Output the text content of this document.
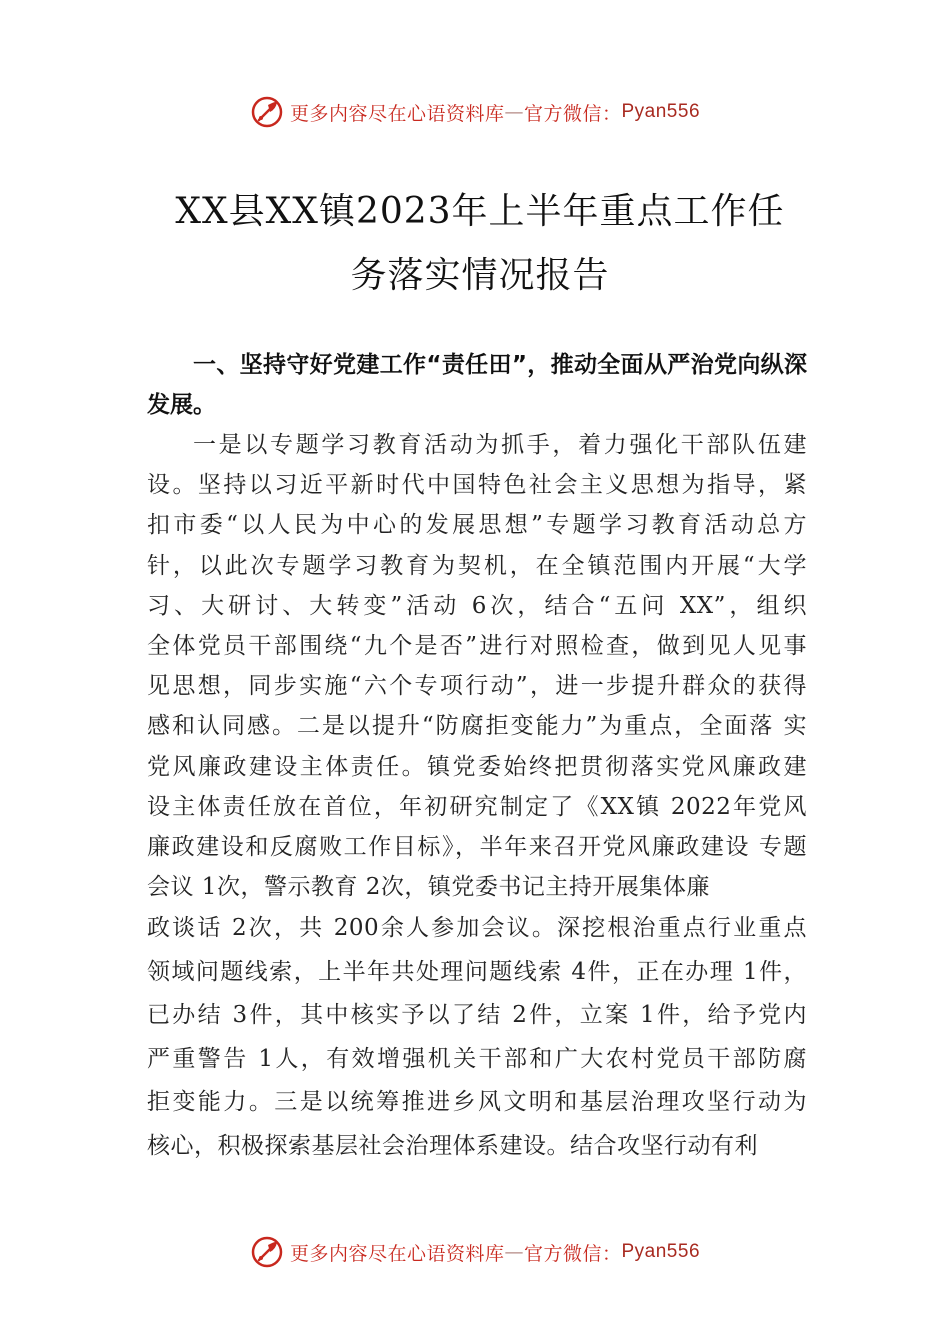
更多内容尽在心语资料库 — 官方微信： Pyan556
XX县XX镇2023年上半年重点工作任
务落实情况报告

一、坚持守好党建工作“责任田”，推动全面从严治党向纵深发展。

一是以专题学习教育活动为抓手，着力强化干部队伍建
设。坚持以习近平新时代中国特色社会主义思想为指导，紧
扣市委“以人民为中心的发展思想”专题学习教育活动总方
针，以此次专题学习教育为契机，在全镇范围内开展“大学
习、大研讨、大转变”活动 6次，结合“五问 XX”，组织
全体党员干部围绕“九个是否”进行对照检查，做到见人见事
见思想，同步实施“六个专项行动”，进一步提升群众的获得
感和认同感。二是以提升“防腐拒变能力”为重点，全面落 实
党风廉政建设主体责任。镇党委始终把贯彻落实党风廉政建
设主体责任放在首位，年初研究制定了《XX镇 2022年党风
廉政建设和反腐败工作目标》，半年来召开党风廉政建设 专题
会议 1次，警示教育 2次，镇党委书记主持开展集体廉
政谈话 2次，共 200余人参加会议。深挖根治重点行业重点
领域问题线索，上半年共处理问题线索 4件，正在办理 1件，
已办结 3件，其中核实予以了结 2件，立案 1件，给予党内
严重警告 1人，有效增强机关干部和广大农村党员干部防腐
拒变能力。三是以统筹推进乡风文明和基层治理攻坚行动为
核心，积极探索基层社会治理体系建设。结合攻坚行动有利
更多内容尽在心语资料库 — 官方微信： Pyan556
